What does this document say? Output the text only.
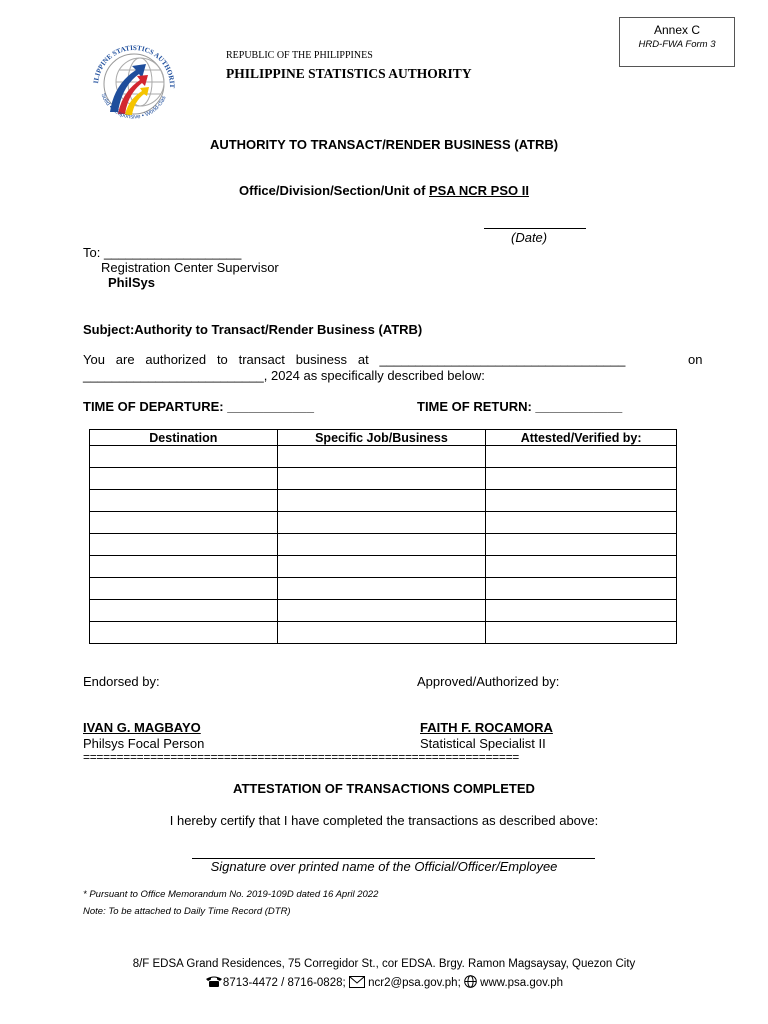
Annex C
HRD-FWA Form 3
ILIPPINE STATISTICS AUTHORIT
Solid • Responsive • World-clas
REPUBLIC OF THE PHILIPPINES
PHILIPPINE STATISTICS AUTHORITY
AUTHORITY TO TRANSACT/RENDER BUSINESS (ATRB)
Office/Division/Section/Unit of PSA NCR PSO II
(Date)
To: ___________________
Registration Center Supervisor
PhilSys
Subject:Authority to Transact/Render Business (ATRB)
You   are   authorized   to   transact   business   at   __________________________________	on
_________________________, 2024 as specifically described below:
TIME OF DEPARTURE: ____________	TIME OF RETURN: ____________
Destination	Specific Job/Business	Attested/Verified by:

Endorsed by:	Approved/Authorized by:
IVAN G. MAGBAYO
Philsys Focal Person
FAITH F. ROCAMORA
Statistical Specialist II
=================================================================
ATTESTATION OF TRANSACTIONS COMPLETED
I hereby certify that I have completed the transactions as described above:
Signature over printed name of the Official/Officer/Employee
* Pursuant to Office Memorandum No. 2019-109D dated 16 April 2022
Note: To be attached to Daily Time Record (DTR)
8/F EDSA Grand Residences, 75 Corregidor St., cor EDSA. Brgy. Ramon Magsaysay, Quezon City
8713-4472 / 8716-0828; ncr2@psa.gov.ph; www.psa.gov.ph
